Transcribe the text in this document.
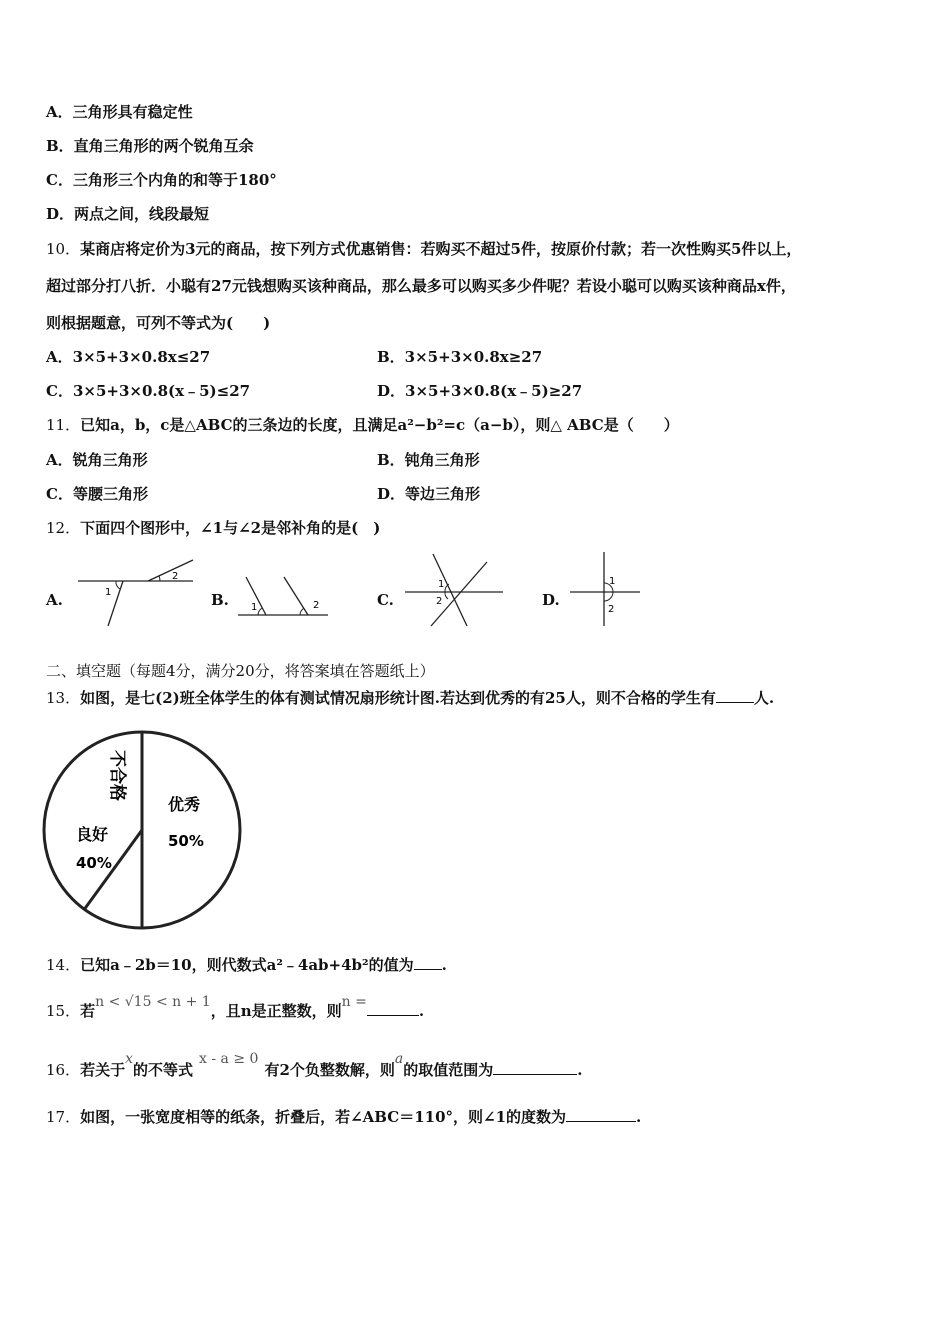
A．三角形具有稳定性
B．直角三角形的两个锐角互余
C．三角形三个内角的和等于180°
D．两点之间，线段最短
10．某商店将定价为3元的商品，按下列方式优惠销售：若购买不超过5件，按原价付款；若一次性购买5件以上，
超过部分打八折．小聪有27元钱想购买该种商品，那么最多可以购买多少件呢？若设小聪可以购买该种商品x件，
则根据题意，可列不等式为(　　)
A．3×5+3×0.8x≤27	B．3×5+3×0.8x≥27
C．3×5+3×0.8(x﹣5)≤27	D．3×5+3×0.8(x﹣5)≥27
11．已知a，b，c是△ABC的三条边的长度，且满足a²−b²=c（a−b），则△ ABC是（　　）
A．锐角三角形	B．钝角三角形
C．等腰三角形	D．等边三角形
12．下面四个图形中，∠1与∠2是邻补角的是(　)
A.	1
2
B. 1	2	C.
1
2	D.
1
2
二、填空题（每题4分，满分20分，将答案填在答题纸上）
13．如图，是七(2)班全体学生的体有测试情况扇形统计图.若达到优秀的有25人，则不合格的学生有	人.
不合格
优秀
50%
良好
40%
14．已知a﹣2b＝10，则代数式a²﹣4ab+4b²的值为 .
15．若n < √15 < n + 1，且n是正整数，则n =	.
16．若关于x的不等式x - a ≥ 0有2个负整数解，则a的取值范围为	.
17．如图，一张宽度相等的纸条，折叠后，若∠ABC＝110°，则∠1的度数为	.
